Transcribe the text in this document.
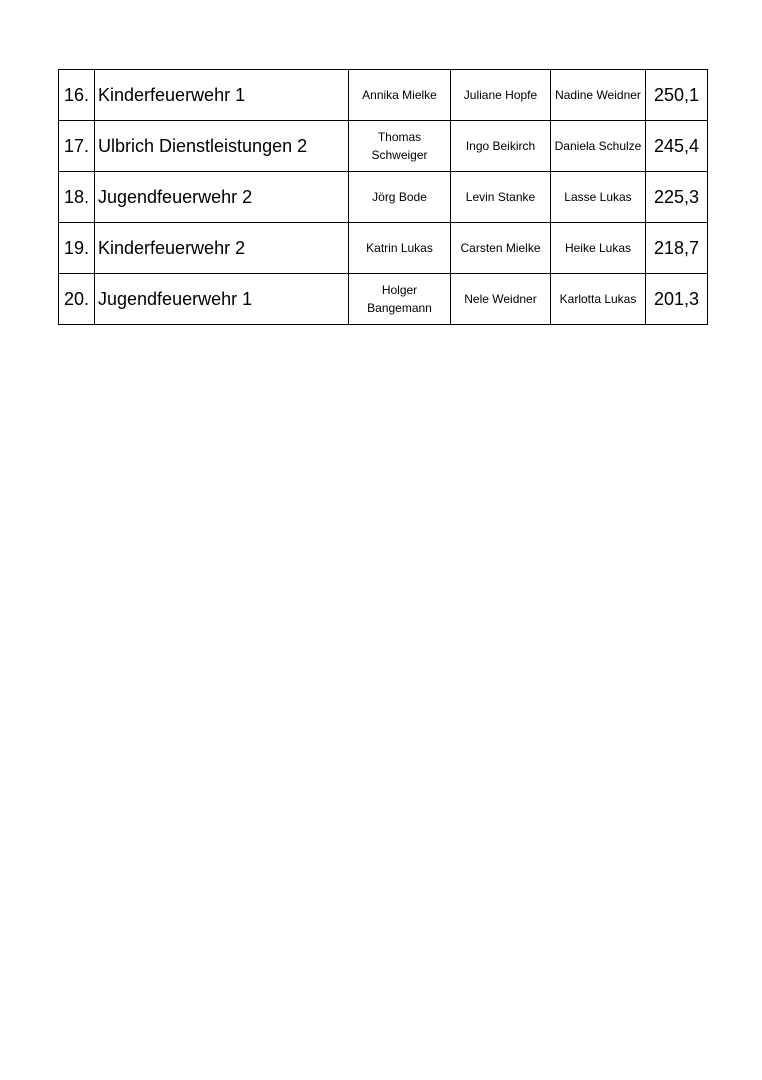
16.	Kinderfeuerwehr 1	Annika Mielke	Juliane Hopfe	Nadine Weidner	250,1
17.	Ulbrich Dienstleistungen 2	Thomas Schweiger	Ingo Beikirch	Daniela Schulze	245,4
18.	Jugendfeuerwehr 2	Jörg Bode	Levin Stanke	Lasse Lukas	225,3
19.	Kinderfeuerwehr 2	Katrin Lukas	Carsten Mielke	Heike Lukas	218,7
20.	Jugendfeuerwehr 1	Holger Bangemann	Nele Weidner	Karlotta Lukas	201,3
